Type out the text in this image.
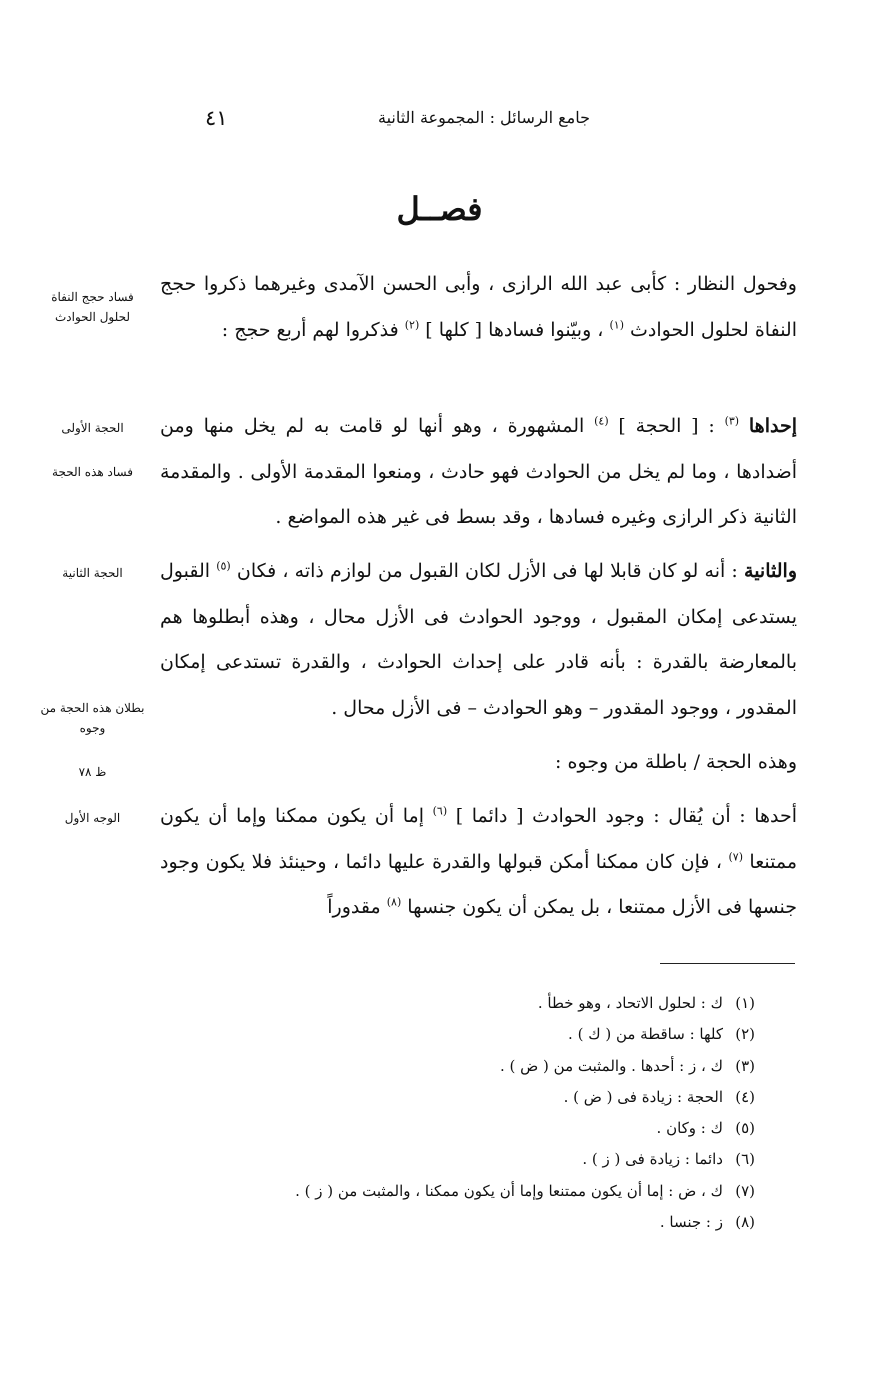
جامع الرسائل : المجموعة الثانية
٤١
فصــل

وفحول النظار : كأبى عبد الله الرازى ، وأبى الحسن الآمدى وغيرهما ذكروا حجج النفاة لحلول الحوادث $^{(١)}$ ، وبيّنوا فسادها [ كلها ] $^{(٢)}$ فذكروا لهم أربع حجج :

إحداها $^{(٣)}$ : [ الحجة ] $^{(٤)}$ المشهورة ، وهو أنها لو قامت به لم يخل منها ومن أضدادها ، وما لم يخل من الحوادث فهو حادث ، ومنعوا المقدمة الأولى . والمقدمة الثانية ذكر الرازى وغيره فسادها ، وقد بسط فى غير هذه المواضع .

والثانية : أنه لو كان قابلا لها فى الأزل لكان القبول من لوازم ذاته ، فكان $^{(٥)}$ القبول يستدعى إمكان المقبول ، ووجود الحوادث فى الأزل محال ، وهذه أبطلوها هم بالمعارضة بالقدرة : بأنه قادر على إحداث الحوادث ، والقدرة تستدعى إمكان المقدور ، ووجود المقدور – وهو الحوادث – فى الأزل محال .

وهذه الحجة / باطلة من وجوه :

أحدها : أن يُقال : وجود الحوادث [ دائما ] $^{(٦)}$ إما أن يكون ممكنا وإما أن يكون ممتنعا $^{(٧)}$ ، فإن كان ممكنا أمكن قبولها والقدرة عليها دائما ، وحينئذ فلا يكون وجود جنسها فى الأزل ممتنعا ، بل يمكن أن يكون جنسها $^{(٨)}$ مقدوراً

فساد حجج النفاة لحلول الحوادث
الحجة الأولى
فساد هذه الحجة
الحجة الثانية
بطلان هذه الحجة من وجوه
ظ ٧٨
الوجه الأول
(١)ك : لحلول الاتحاد ، وهو خطأ .
(٢)كلها : ساقطة من ( ك ) .
(٣)ك ، ز : أحدها . والمثبت من ( ض ) .
(٤)الحجة : زيادة فى ( ض ) .
(٥)ك : وكان .
(٦)دائما : زيادة فى ( ز ) .
(٧)ك ، ض : إما أن يكون ممتنعا وإما أن يكون ممكنا ، والمثبت من ( ز ) .
(٨)ز : جنسا .
